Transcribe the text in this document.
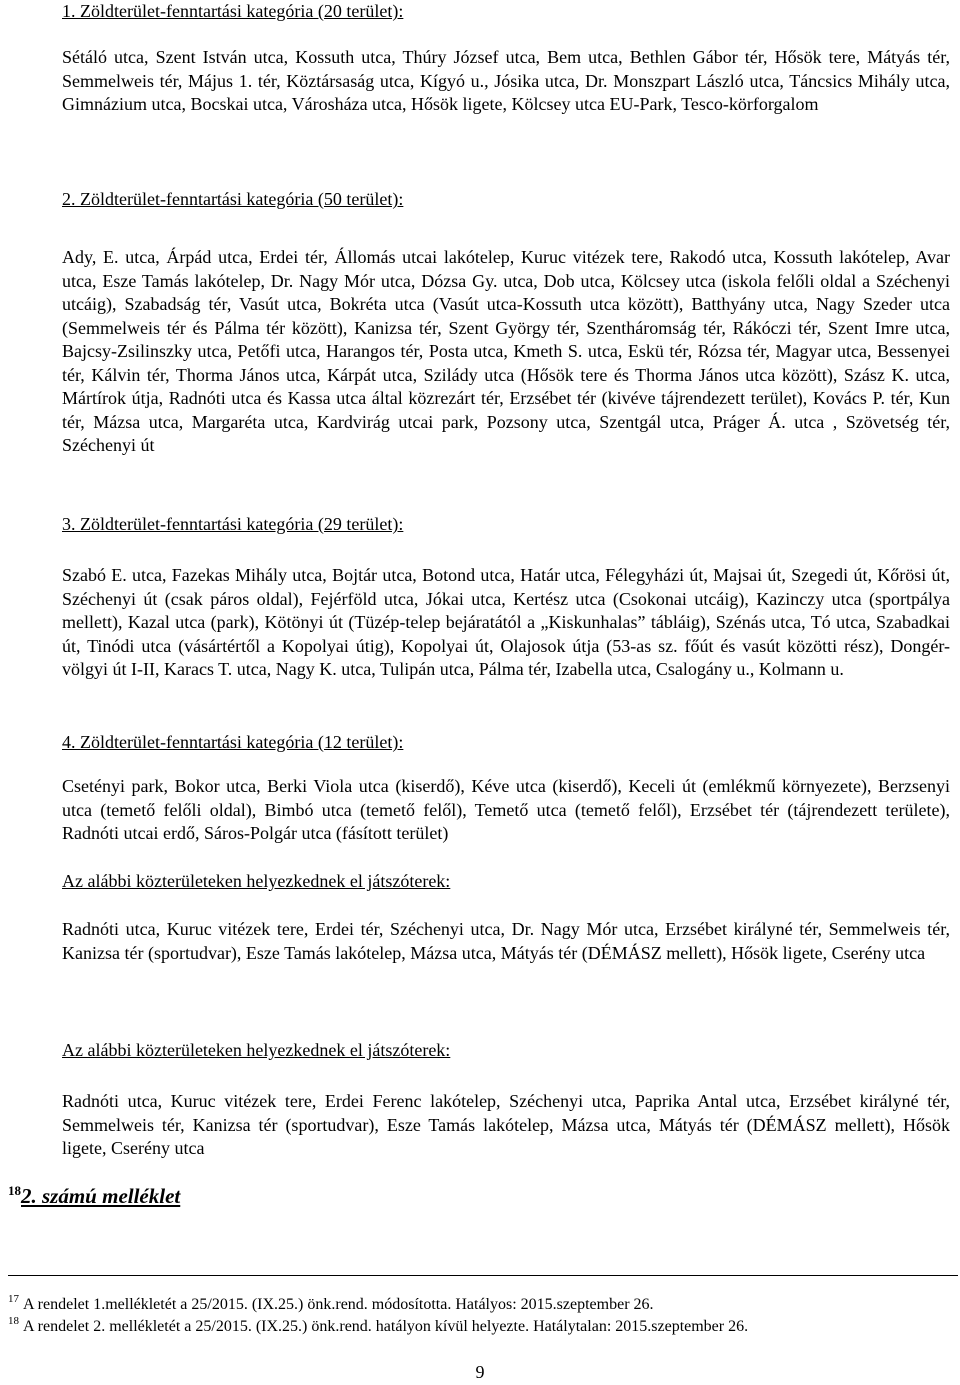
1. Zöldterület-fenntartási kategória (20 terület):

Sétáló utca, Szent István utca, Kossuth utca, Thúry József utca, Bem utca, Bethlen Gábor tér, Hősök tere, Mátyás tér, Semmelweis tér, Május 1. tér, Köztársaság utca, Kígyó u., Jósika utca, Dr. Monszpart László utca, Táncsics Mihály utca, Gimnázium utca, Bocskai utca, Városháza utca, Hősök ligete, Kölcsey utca EU-Park, Tesco-körforgalom

2. Zöldterület-fenntartási kategória (50 terület):

Ady, E. utca, Árpád utca, Erdei tér, Állomás utcai lakótelep, Kuruc vitézek tere, Rakodó utca, Kossuth lakótelep, Avar utca, Esze Tamás lakótelep, Dr. Nagy Mór utca, Dózsa Gy. utca, Dob utca, Kölcsey utca (iskola felőli oldal a Széchenyi utcáig), Szabadság tér, Vasút utca, Bokréta utca (Vasút utca-Kossuth utca között), Batthyány utca, Nagy Szeder utca (Semmelweis tér és Pálma tér között), Kanizsa tér, Szent György tér, Szentháromság tér, Rákóczi tér, Szent Imre utca, Bajcsy-Zsilinszky utca, Petőfi utca, Harangos tér, Posta utca, Kmeth S. utca, Eskü tér, Rózsa tér, Magyar utca, Bessenyei tér, Kálvin tér, Thorma János utca, Kárpát utca, Szilády utca (Hősök tere és Thorma János utca között), Szász K. utca, Mártírok útja, Radnóti utca és Kassa utca által közrezárt tér, Erzsébet tér (kivéve tájrendezett terület), Kovács P. tér, Kun tér, Mázsa utca, Margaréta utca, Kardvirág utcai park, Pozsony utca, Szentgál utca, Práger Á. utca , Szövetség tér, Széchenyi út

3. Zöldterület-fenntartási kategória (29 terület):

Szabó E. utca, Fazekas Mihály utca, Bojtár utca, Botond utca, Határ utca, Félegyházi út, Majsai út, Szegedi út, Kőrösi út, Széchenyi út (csak páros oldal), Fejérföld utca, Jókai utca, Kertész utca (Csokonai utcáig), Kazinczy utca (sportpálya mellett), Kazal utca (park), Kötönyi út (Tüzép-telep bejáratától a „Kiskunhalas” tábláig), Szénás utca, Tó utca, Szabadkai út, Tinódi utca (vásártértől a Kopolyai útig), Kopolyai út, Olajosok útja (53-as sz. főút és vasút közötti rész), Dongér-völgyi út I-II, Karacs T. utca, Nagy K. utca, Tulipán utca, Pálma tér, Izabella utca, Csalogány u., Kolmann u.

4. Zöldterület-fenntartási kategória (12 terület):

Csetényi park, Bokor utca, Berki Viola utca (kiserdő), Kéve utca (kiserdő), Keceli út (emlékmű környezete), Berzsenyi utca (temető felőli oldal), Bimbó utca (temető felől), Temető utca (temető felől), Erzsébet tér (tájrendezett területe), Radnóti utcai erdő, Sáros-Polgár utca (fásított terület)

Az alábbi közterületeken helyezkednek el játszóterek:

Radnóti utca, Kuruc vitézek tere, Erdei tér, Széchenyi utca, Dr. Nagy Mór utca, Erzsébet királyné tér, Semmelweis tér, Kanizsa tér (sportudvar), Esze Tamás lakótelep, Mázsa utca, Mátyás tér (DÉMÁSZ mellett), Hősök ligete, Cserény utca

Az alábbi közterületeken helyezkednek el játszóterek:

Radnóti utca, Kuruc vitézek tere, Erdei Ferenc lakótelep, Széchenyi utca, Paprika Antal utca, Erzsébet királyné tér, Semmelweis tér, Kanizsa tér (sportudvar), Esze Tamás lakótelep, Mázsa utca, Mátyás tér (DÉMÁSZ mellett), Hősök ligete, Cserény utca

$^{18}$2. számú melléklet
$^{17}$ A rendelet 1.mellékletét a 25/2015. (IX.25.) önk.rend. módosította. Hatályos: 2015.szeptember 26.
$^{18}$ A rendelet 2. mellékletét a 25/2015. (IX.25.) önk.rend. hatályon kívül helyezte. Hatálytalan: 2015.szeptember 26.
9
